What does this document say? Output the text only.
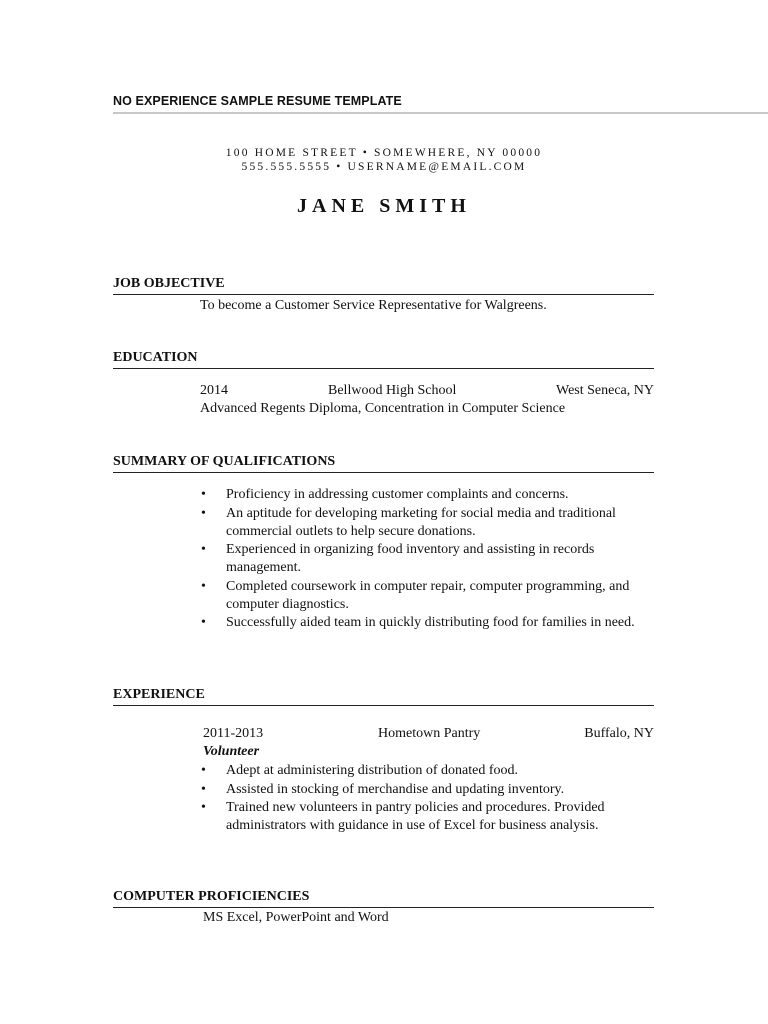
NO EXPERIENCE SAMPLE RESUME TEMPLATE
100 HOME STREET • SOMEWHERE, NY 00000
555.555.5555 • USERNAME@EMAIL.COM
JANE SMITH
JOB OBJECTIVE
To become a Customer Service Representative for Walgreens.
EDUCATION
2014	Bellwood High School	West Seneca, NY
Advanced Regents Diploma, Concentration in Computer Science
SUMMARY OF QUALIFICATIONS
• Proficiency in addressing customer complaints and concerns.
• An aptitude for developing marketing for social media and traditional commercial outlets to help secure donations.
• Experienced in organizing food inventory and assisting in records management.
• Completed coursework in computer repair, computer programming, and computer diagnostics.
• Successfully aided team in quickly distributing food for families in need.
EXPERIENCE
2011-2013	Hometown Pantry	Buffalo, NY
Volunteer
• Adept at administering distribution of donated food.
• Assisted in stocking of merchandise and updating inventory.
• Trained new volunteers in pantry policies and procedures. Provided administrators with guidance in use of Excel for business analysis.
COMPUTER PROFICIENCIES
MS Excel, PowerPoint and Word
